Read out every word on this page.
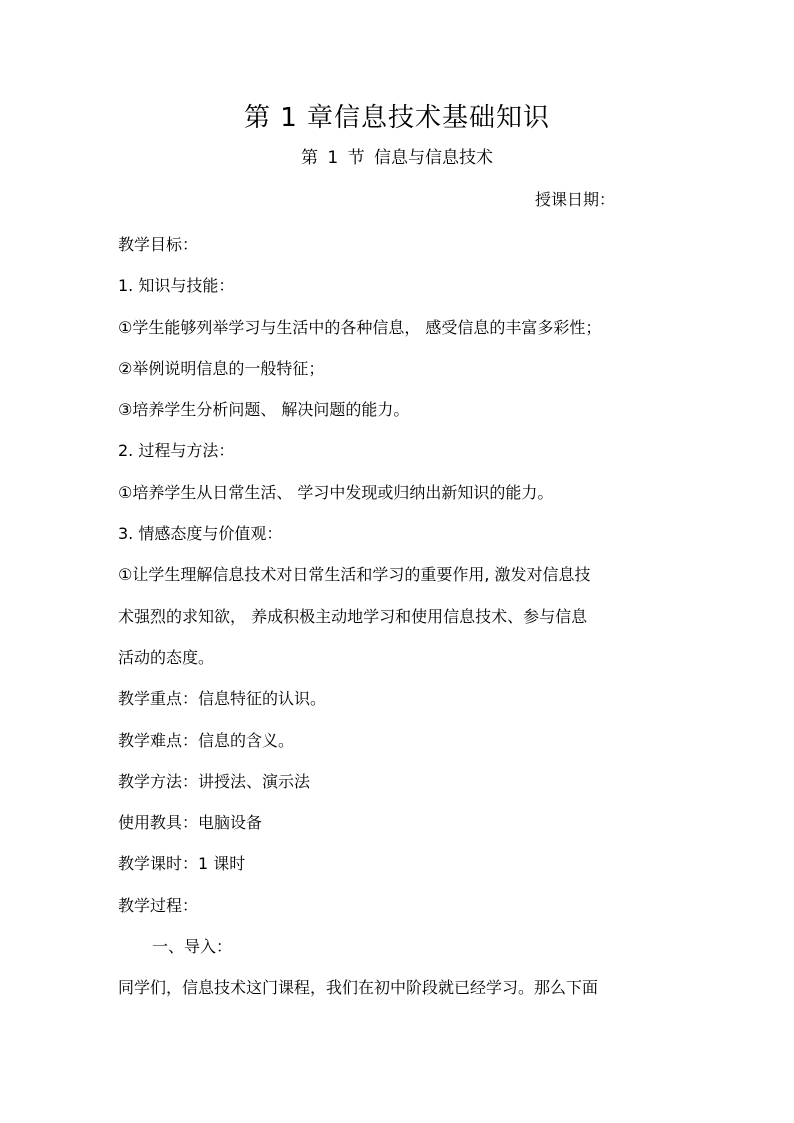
第 1 章信息技术基础知识
第 1 节 信息与信息技术
授课日期：

教学目标：

1. 知识与技能：

①学生能够列举学习与生活中的各种信息， 感受信息的丰富多彩性；

②举例说明信息的一般特征；

③培养学生分析问题、 解决问题的能力。

2. 过程与方法：

①培养学生从日常生活、 学习中发现或归纳出新知识的能力。

3. 情感态度与价值观：

①让学生理解信息技术对日常生活和学习的重要作用, 激发对信息技

术强烈的求知欲， 养成积极主动地学习和使用信息技术、参与信息

活动的态度。

教学重点：信息特征的认识。

教学难点：信息的含义。

教学方法：讲授法、演示法

使用教具：电脑设备

教学课时：1 课时

教学过程：

一、导入：

同学们，信息技术这门课程，我们在初中阶段就已经学习。那么下面
